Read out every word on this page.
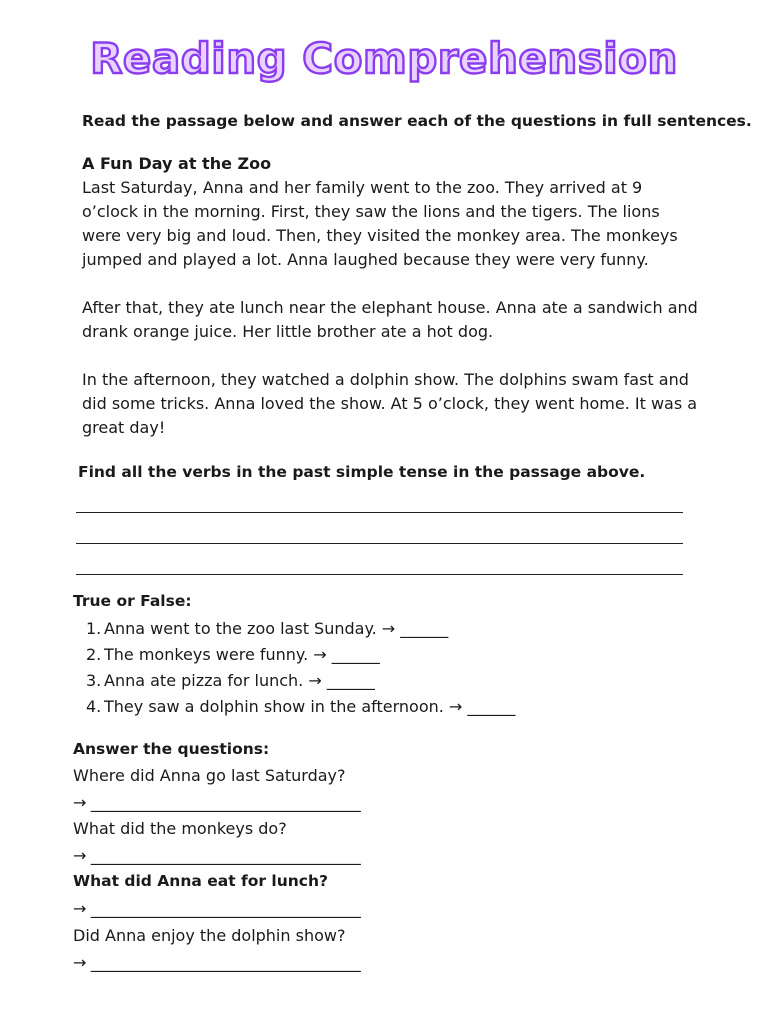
Reading Comprehension
Read the passage below and answer each of the questions in full sentences.
A Fun Day at the Zoo

Last Saturday, Anna and her family went to the zoo. They arrived at 9 o’clock in the morning. First, they saw the lions and the tigers. The lions were very big and loud. Then, they visited the monkey area. The monkeys jumped and played a lot. Anna laughed because they were very funny.

After that, they ate lunch near the elephant house. Anna ate a sandwich and drank orange juice. Her little brother ate a hot dog.

In the afternoon, they watched a dolphin show. The dolphins swam fast and did some tricks. Anna loved the show. At 5 o’clock, they went home. It was a great day!

Find all the verbs in the past simple tense in the passage above.
True or False:
1. Anna went to the zoo last Sunday. → ______
2. The monkeys were funny. → ______
3. Anna ate pizza for lunch. → ______
4. They saw a dolphin show in the afternoon. → ______
Answer the questions:
Where did Anna go last Saturday?
→ ___________________________________
What did the monkeys do?
→ ___________________________________
What did Anna eat for lunch?
→ ___________________________________
Did Anna enjoy the dolphin show?
→ ___________________________________
